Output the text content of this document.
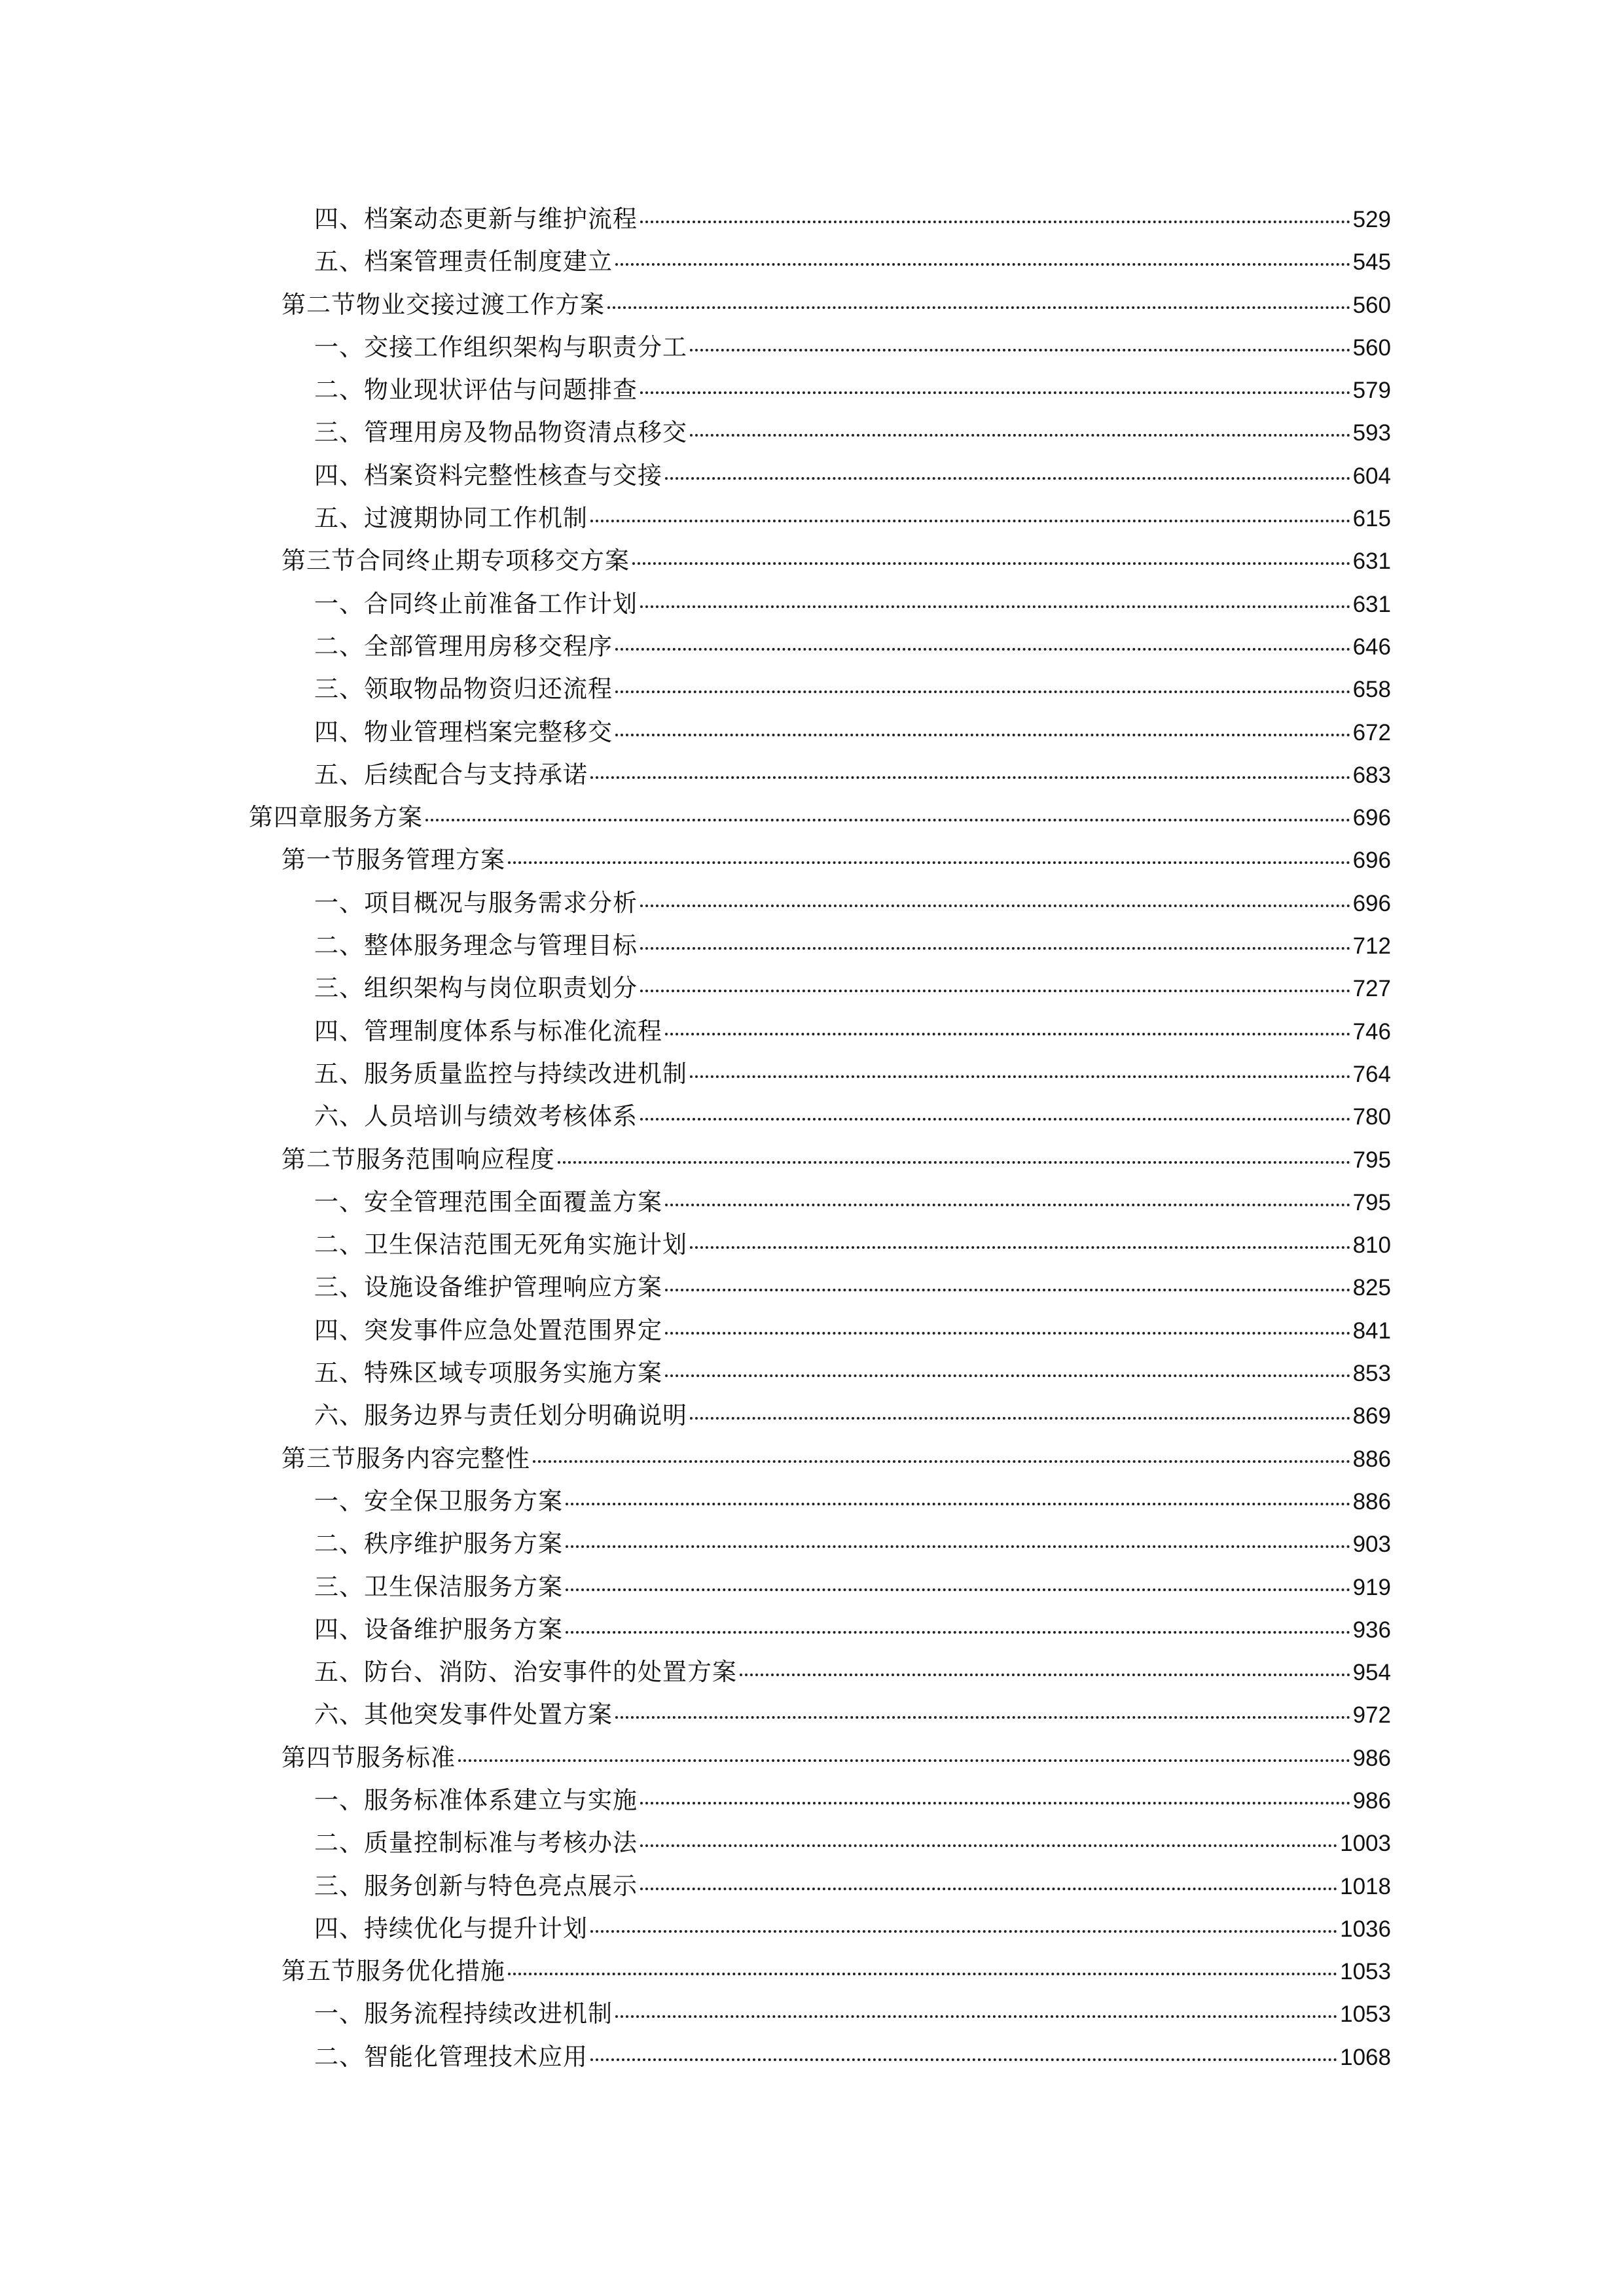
四、档案动态更新与维护流程	529
五、档案管理责任制度建立	545
第二节物业交接过渡工作方案	560
一、交接工作组织架构与职责分工	560
二、物业现状评估与问题排查	579
三、管理用房及物品物资清点移交	593
四、档案资料完整性核查与交接	604
五、过渡期协同工作机制	615
第三节合同终止期专项移交方案	631
一、合同终止前准备工作计划	631
二、全部管理用房移交程序	646
三、领取物品物资归还流程	658
四、物业管理档案完整移交	672
五、后续配合与支持承诺	683
第四章服务方案	696
第一节服务管理方案	696
一、项目概况与服务需求分析	696
二、整体服务理念与管理目标	712
三、组织架构与岗位职责划分	727
四、管理制度体系与标准化流程	746
五、服务质量监控与持续改进机制	764
六、人员培训与绩效考核体系	780
第二节服务范围响应程度	795
一、安全管理范围全面覆盖方案	795
二、卫生保洁范围无死角实施计划	810
三、设施设备维护管理响应方案	825
四、突发事件应急处置范围界定	841
五、特殊区域专项服务实施方案	853
六、服务边界与责任划分明确说明	869
第三节服务内容完整性	886
一、安全保卫服务方案	886
二、秩序维护服务方案	903
三、卫生保洁服务方案	919
四、设备维护服务方案	936
五、防台、消防、治安事件的处置方案	954
六、其他突发事件处置方案	972
第四节服务标准	986
一、服务标准体系建立与实施	986
二、质量控制标准与考核办法	1003
三、服务创新与特色亮点展示	1018
四、持续优化与提升计划	1036
第五节服务优化措施	1053
一、服务流程持续改进机制	1053
二、智能化管理技术应用	1068
